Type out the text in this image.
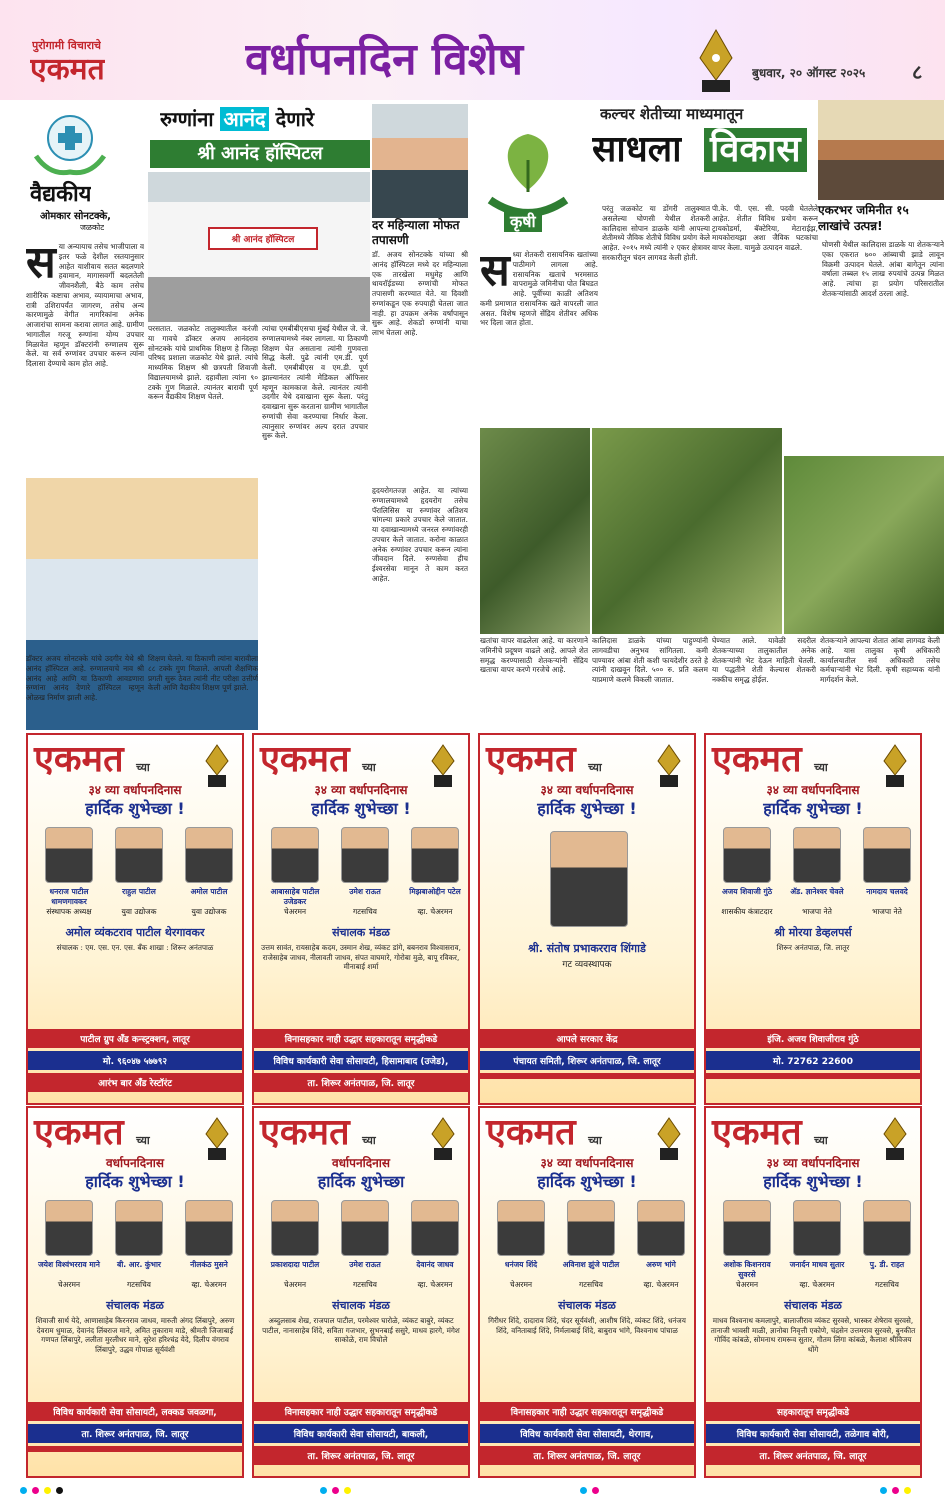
पुरोगामी विचाराचे
एकमत	वर्धापनदिन विशेष	बुधवार, २० ऑगस्ट २०२५ ८
वैद्यकीय
ओमकार सोनटक्के,
जळकोट
रुग्णांना आनंद देणारे
श्री आनंद हॉस्पिटल
श्री आनंद हॉस्पिटल
दर महिन्याला मोफत तपासणी
सया अन्यायाच तसेच भाजीपाला व इतर फळे देशील रस्तयानुसार आहेत याशीवाय सतत बदलणारे हवामान, मागासवर्गी बदलतेली जीवनशैली, बैठे काम तसेच शारीरिक कष्टाचा अभाव, व्यायामाचा अभाव, रात्री उशिरापर्यंत जागरण, तसेच अन्य कारणामुळे वेगीत नागरिकांना अनेक आजारांचा सामना करावा लागत आहे. ग्रामीण भागातील गरजू रुग्णांना योग्य उपचार मिळावेत म्हणून डॉक्टरांनी रुग्णालय सुरू केले. या सर्व रुग्णांवर उपचार करून त्यांना दिलासा देण्याचे काम होत आहे.
परसतात. जळकोट तालुक्यातील करंजी या गावचे डॉक्टर अजय आनंदराव सोनटक्के यांचे प्राथमिक शिक्षण हे जिल्हा परिषद प्रशाला जळकोट येथे झाले. त्यांचे माध्यमिक शिक्षण श्री छत्रपती शिवाजी विद्यालयामध्ये झाले. दहावीला त्यांना ९० टक्के गुण मिळाले. त्यानंतर बारावी पूर्ण करून वैद्यकीय शिक्षण घेतले.
त्यांचा एमबीबीएसचा मुंबई येथील जे. जे. रुग्णालयामध्ये नंबर लागला. या ठिकाणी शिक्षण घेत असताना त्यांनी गुणवत्ता सिद्ध केली. पुढे त्यांनी एम.डी. पूर्ण केली. एमबीबीएस व एम.डी. पूर्ण झाल्यानंतर त्यांनी मेडिकल ऑफिसर म्हणून कामकाज केले. त्यानंतर त्यांनी उदगीर येथे दवाखाना सुरू केला. परंतु दवाखाना सुरू करताना ग्रामीण भागातील रुग्णांची सेवा करण्याचा निर्धार केला. त्यानुसार रुग्णांवर अल्प दरात उपचार सुरू केले.
डॉ. अजय सोनटक्के यांच्या श्री आनंद हॉस्पिटल मध्ये दर महिन्याला एक तारखेला मधुमेह आणि थायरॉईडच्या रुग्णांची मोफत तपासणी करण्यात येते. या दिवशी रुग्णांकडून एक रुपयाही घेतला जात नाही. हा उपक्रम अनेक वर्षांपासून सुरू आहे. शेकडो रुग्णांनी याचा लाभ घेतला आहे.
हृदयरोगतज्ज्ञ आहेत. या त्यांच्या रुग्णालयामध्ये हृदयरोग तसेच पॅरालिसिस या रुग्णांवर अतिशय चांगल्या प्रकारे उपचार केले जातात. या दवाखान्यामध्ये जनरल रुग्णांवरही उपचार केले जातात. करोना काळात अनेक रुग्णांवर उपचार करून त्यांना जीवदान दिले. रुग्णसेवा हीच ईश्वरसेवा मानून ते काम करत आहेत.
डॉक्टर अजय सोनटक्के यांचे उदगीर येथे श्री आनंद हॉस्पिटल आहे. रुग्णालयाचे नाव श्री आनंद आहे आणि या ठिकाणी आवडणारा रुग्णांना आनंद देणारे हॉस्पिटल म्हणून ओळख निर्माण झाली आहे.
शिक्षण घेतले. या ठिकाणी त्यांना बारावीला ८८ टक्के गुण मिळाले. आपली शैक्षणिक प्रगती सुरू ठेवत त्यांनी नीट परीक्षा उत्तीर्ण केली आणि वैद्यकीय शिक्षण पूर्ण झाले.
कृषी
कल्चर शेतीच्या माध्यमातून
साधला विकास
एकरभर जमिनीत १५ लाखांचे उत्पन्न!
सध्या शेतकरी रासायनिक खतांच्या पाठीमागे लागला आहे. रासायनिक खताचे भरमसाठ वापरामुळे जमिनीचा पोत बिघडत आहे. पूर्वीच्या काळी अतिशय कमी प्रमाणात रासायनिक खते वापरली जात असत. विशेष म्हणजे सेंद्रिय शेतीवर अधिक भर दिला जात होता.
परंतु जळकोट या डोंगरी तालुक्यात असलेल्या घोणसी येथील शेतकरी कालिदास सोपान डाळके यांनी आपल्या शेतीमध्ये जैविक शेतीचे विविध प्रयोग केले आहेत. २०१५ मध्ये त्यांनी २ एकर क्षेत्रावर सरकारीतून चंदन लागवड केली होती.
पी.के. पी. एस. सी. पदवी घेतलेले आहेत. शेतीत विविध प्रयोग करून ट्रायकोडर्मा, बॅक्टेरिया, मेटाराईझ, मायकोरायझा अशा जैविक घटकांचा वापर केला. यामुळे उत्पादन वाढले.	घोणसी येथील कालिदास डाळके या शेतकऱ्याने एका एकरात ७०० आंब्याची झाडे लावून विक्रमी उत्पादन घेतले. आंबा बागेतून त्यांना वर्षाला तब्बल १५ लाख रुपयांचे उत्पन्न मिळत आहे. त्यांचा हा प्रयोग परिसरातील शेतकऱ्यांसाठी आदर्श ठरला आहे.
खतांचा वापर वाढलेला आहे. या कारणाने जमिनीचे प्रदूषण वाढले आहे. आपले शेत समृद्ध करण्यासाठी शेतकऱ्यांनी सेंद्रिय खताचा वापर करणे गरजेचे आहे.
कालिदास डाळके यांच्या पाहुण्यांनी लागवडीचा अनुभव सांगितला. कमी पाण्यावर आंबा शेती कशी फायदेशीर ठरते हे त्यांनी दाखवून दिले. ५०० रु. प्रति कलम याप्रमाणे कलमे विकली जातात.
घेण्यात आले. यावेळी सदरील शेतकऱ्याच्या तालुकातील अनेक शेतकऱ्यांनी भेट देऊन माहिती घेतली. या पद्धतीने शेती केल्यास शेतकरी नक्कीच समृद्ध होईल.
शेतकऱ्याने आपल्या शेतात आंबा लागवड केली आहे. यास तालुका कृषी अधिकारी कार्यालयातील सर्व अधिकारी तसेच कर्मचाऱ्यांनी भेट दिली. कृषी सहाय्यक यांनी मार्गदर्शन केले.
एकमत च्या
३४ व्या वर्धापनदिनास
हार्दिक शुभेच्छा !
धनराज पाटील धामणगावकर
संस्थापक अध्यक्ष
राहुल पाटील
युवा उद्योजक
अमोल पाटील
युवा उद्योजक
अमोल व्यंकटराव पाटील थेरगावकर
संचालक : एम. एस. एन. एस. बँक शाखा : शिरूर अनंतपाळ
पाटील ग्रुप अँड कन्स्ट्रक्शन, लातूर
मो. ९६०४७ ५७७९२
आरंभ बार अँड रेस्टॉरंट
एकमत च्या
३४ व्या वर्धापनदिनास
हार्दिक शुभेच्छा !
आबासाहेब पाटील उजेडकर
चेअरमन
उमेश राऊत
गटसचिव
मिझबाओद्दीन पटेल
व्हा. चेअरमन
संचालक मंडळ
उत्तम सावंत, रायसाहेब कदम, उस्मान शेख, व्यंकट डांगे, बबनराव विश्वासराव, राजेसाहेब जाधव, नीलावती जाधव, संपत वाघमारे, गोरोबा मुळे, बापू रविकर, मीनाबाई शर्मा
विनासहकार नाही उद्धार सहकारातून समृद्धीकडे
विविध कार्यकारी सेवा सोसायटी, हिसामाबाद (उजेड),
ता. शिरूर अनंतपाळ, जि. लातूर
एकमत च्या
३४ व्या वर्धापनदिनास
हार्दिक शुभेच्छा !
श्री. संतोष प्रभाकरराव शिंगाडे
गट व्यवस्थापक
आपले सरकार केंद्र
पंचायत समिती, शिरूर अनंतपाळ, जि. लातूर
एकमत च्या
३४ व्या वर्धापनदिनास
हार्दिक शुभेच्छा !
अजय शिवाजी गुंठे
शासकीय कंत्राटदार
अ‍ॅड. ज्ञानेश्वर चेवले
भाजपा नेते
नामदाय चलवदे
भाजपा नेते
श्री मोरया डेव्हलपर्स
शिरूर अनंतपाळ, जि. लातूर
इंजि. अजय शिवाजीराव गुंठे
मो. 72762 22600
एकमत च्या
वर्धापनदिनास
हार्दिक शुभेच्छा !
जयेश विश्वंभरराव माने
चेअरमन
बी. आर. कुंभार
गटसचिव
नीलकंठ मुसने
व्हा. चेअरमन
संचालक मंडळ
शिवाजी सार्थ येदे, आणासाहेब किरनराव जाधव, मारुती अंगद लिंबापुरे, अरुण देवराम धुमाळ, देवानंद लिंबराज माने, अमित तुकाराम माडे, श्रीमती जिजाबाई गणपत लिंबापुरे, ललीता मुरलीधर माने, सुरेश हरिश्चंद्र येदे, दिलीप वंगराव लिंबापुरे, उद्धव गोपाळ सूर्यवंशी
विविध कार्यकारी सेवा सोसायटी, लक्कड जवळगा,
ता. शिरूर अनंतपाळ, जि. लातूर
एकमत च्या
वर्धापनदिनास
हार्दिक शुभेच्छा
प्रकाशदादा पाटील
चेअरमन
उमेश राऊत
गटसचिव
देवानंद जाधव
व्हा. चेअरमन
संचालक मंडळ
अब्दुलसाब शेख, राजपाल पाटील, परमेश्वर घारोळे, व्यंकट बाबुरे, व्यंकट पाटील, नानासाहेब शिंदे, सविता गजभार, सुभनबाई ससुरे, माधव हारगे, मंगेश साकोळे, राम विचोले
विनासहकार नाही उद्धार सहकारातून समृद्धीकडे
विविध कार्यकारी सेवा सोसायटी, बाकली,
ता. शिरूर अनंतपाळ, जि. लातूर
एकमत च्या
३४ व्या वर्धापनदिनास
हार्दिक शुभेच्छा !
धनंजय शिंदे
चेअरमन
अविनाश झुंजे पाटील
गटसचिव
अरुण भांगे
व्हा. चेअरमन
संचालक मंडळ
गिरीधर शिंदे, दादाराव शिंदे, चंदर सूर्यवंशी, आशीष शिंदे, व्यंकट शिंदे, धनंजय शिंदे, वनिताबाई शिंदे, निर्मलाबाई शिंदे, बाबुराव भांगे, विश्वनाथ पांचाळ
विनासहकार नाही उद्धार सहकारातून समृद्धीकडे
विविध कार्यकारी सेवा सोसायटी, थेरगाव,
ता. शिरूर अनंतपाळ, जि. लातूर
एकमत च्या
३४ व्या वर्धापनदिनास
हार्दिक शुभेच्छा !
अशोक किशनराव सुवरसे
चेअरमन
जनार्दन माधव सुतार
व्हा. चेअरमन
पु. डी. राहत
गटसचिव
संचालक मंडळ
माधव विश्वनाथ कमलापुरे, बालाजीराव व्यंकट सुरवसे, भास्कर शेषेराव सुरवसे, तानाजी भावसी माळी, ज्ञानोबा निवृत्ती एकोणे, चंद्रसेन उत्तमराव सुरवसे, बुनकीत गोविंद कांबळे, सोमनाथ रामरूव सुतार, गौतम लिंगा कांबळे, कैलाश श्रीविजय थोंगे
सहकारातून समृद्धीकडे
विविध कार्यकारी सेवा सोसायटी, तळेगाव बोरी,
ता. शिरूर अनंतपाळ, जि. लातूर
